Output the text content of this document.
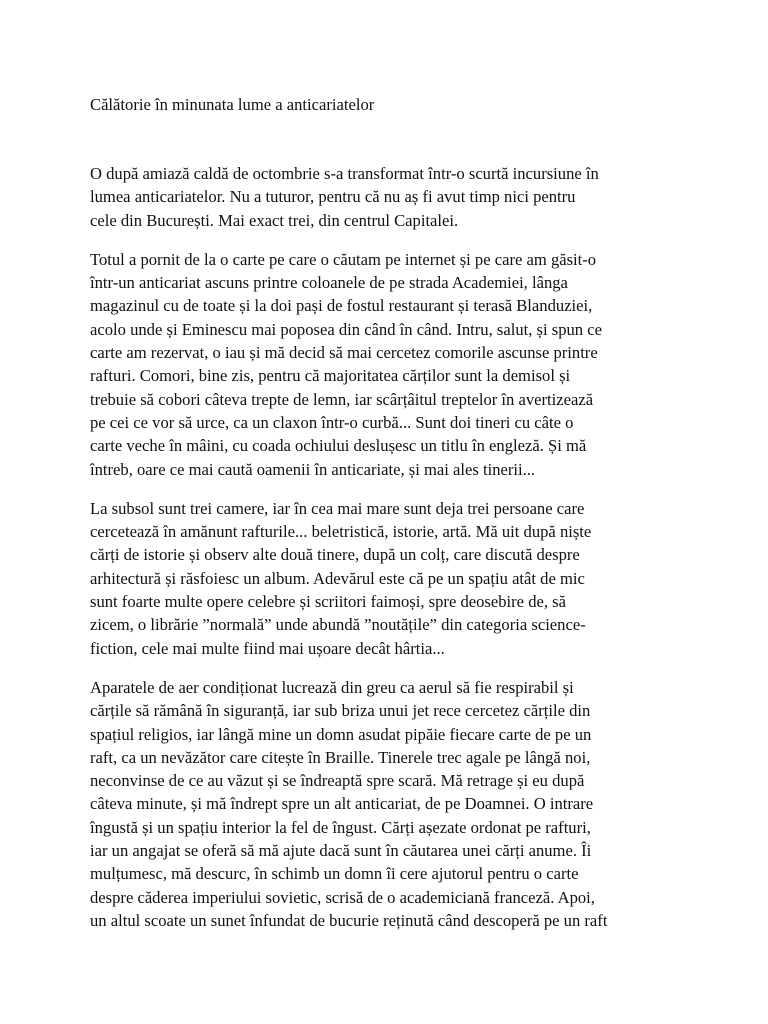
Călătorie în minunata lume a anticariatelor

O după amiază caldă de octombrie s-a transformat într-o scurtă incursiune în
lumea anticariatelor. Nu a tuturor, pentru că nu aș fi avut timp nici pentru
cele din București. Mai exact trei, din centrul Capitalei.

Totul a pornit de la o carte pe care o căutam pe internet și pe care am găsit-o
într-un anticariat ascuns printre coloanele de pe strada Academiei, lânga
magazinul cu de toate și la doi pași de fostul restaurant și terasă Blanduziei,
acolo unde și Eminescu mai poposea din când în când. Intru, salut, și spun ce
carte am rezervat, o iau și mă decid să mai cercetez comorile ascunse printre
rafturi. Comori, bine zis, pentru că majoritatea cărților sunt la demisol și
trebuie să cobori câteva trepte de lemn, iar scârțâitul treptelor în avertizează
pe cei ce vor să urce, ca un claxon într-o curbă... Sunt doi tineri cu câte o
carte veche în mâini, cu coada ochiului deslușesc un titlu în engleză. Și mă
întreb, oare ce mai caută oamenii în anticariate, și mai ales tinerii...

La subsol sunt trei camere, iar în cea mai mare sunt deja trei persoane care
cercetează în amănunt rafturile... beletristică, istorie, artă. Mă uit după niște
cărți de istorie și observ alte două tinere, după un colț, care discută despre
arhitectură și răsfoiesc un album. Adevărul este că pe un spațiu atât de mic
sunt foarte multe opere celebre și scriitori faimoși, spre deosebire de, să
zicem, o librărie ”normală” unde abundă ”noutățile” din categoria science-
fiction, cele mai multe fiind mai ușoare decât hârtia...

Aparatele de aer condiționat lucrează din greu ca aerul să fie respirabil și
cărțile să rămână în siguranță, iar sub briza unui jet rece cercetez cărțile din
spațiul religios, iar lângă mine un domn asudat pipăie fiecare carte de pe un
raft, ca un nevăzător care citește în Braille. Tinerele trec agale pe lângă noi,
neconvinse de ce au văzut și se îndreaptă spre scară. Mă retrage și eu după
câteva minute, și mă îndrept spre un alt anticariat, de pe Doamnei. O intrare
îngustă și un spațiu interior la fel de îngust. Cărți așezate ordonat pe rafturi,
iar un angajat se oferă să mă ajute dacă sunt în căutarea unei cărți anume. Îi
mulțumesc, mă descurc, în schimb un domn îi cere ajutorul pentru o carte
despre căderea imperiului sovietic, scrisă de o academiciană franceză. Apoi,
un altul scoate un sunet înfundat de bucurie reținută când descoperă pe un raft
